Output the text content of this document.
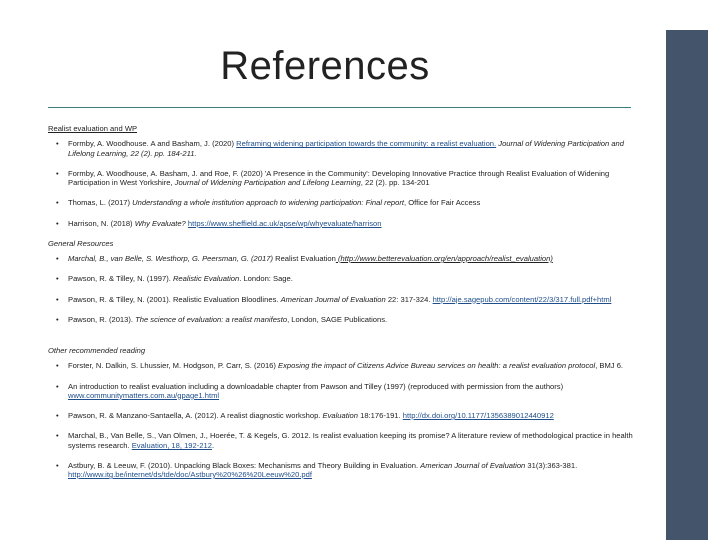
References
Realist evaluation and WP
• Formby, A. Woodhouse. A and Basham, J. (2020) Reframing widening participation towards the community: a realist evaluation. Journal of Widening Participation and Lifelong Learning, 22 (2). pp. 184-211.
• Formby, A. Woodhouse, A. Basham, J. and Roe, F. (2020) 'A Presence in the Community': Developing Innovative Practice through Realist Evaluation of Widening Participation in West Yorkshire, Journal of Widening Participation and Lifelong Learning, 22 (2). pp. 134-201
• Thomas, L. (2017) Understanding a whole institution approach to widening participation: Final report, Office for Fair Access
• Harrison, N. (2018) Why Evaluate? https://www.sheffield.ac.uk/apse/wp/whyevaluate/harrison
General Resources
• Marchal, B., van Belle, S. Westhorp, G. Peersman, G. (2017) Realist Evaluation (http://www.betterevaluation.org/en/approach/realist_evaluation)
• Pawson, R. & Tilley, N. (1997). Realistic Evaluation. London: Sage.
• Pawson, R. & Tilley, N. (2001). Realistic Evaluation Bloodlines. American Journal of Evaluation 22: 317-324. http://aje.sagepub.com/content/22/3/317.full.pdf+html
• Pawson, R. (2013). The science of evaluation: a realist manifesto, London, SAGE Publications.
Other recommended reading
• Forster, N. Dalkin, S. Lhussier, M. Hodgson, P. Carr, S. (2016) Exposing the impact of Citizens Advice Bureau services on health: a realist evaluation protocol, BMJ 6.
• An introduction to realist evaluation including a downloadable chapter from Pawson and Tilley (1997) (reproduced with permission from the authors) www.communitymatters.com.au/gpage1.html
• Pawson, R. & Manzano-Santaella, A. (2012). A realist diagnostic workshop. Evaluation 18:176-191. http://dx.doi.org/10.1177/1356389012440912
• Marchal, B., Van Belle, S., Van Olmen, J., Hoerée, T. & Kegels, G. 2012. Is realist evaluation keeping its promise? A literature review of methodological practice in health systems research. Evaluation, 18, 192-212.
• Astbury, B. & Leeuw, F. (2010). Unpacking Black Boxes: Mechanisms and Theory Building in Evaluation. American Journal of Evaluation 31(3):363-381. http://www.itg.be/internet/ds/tde/doc/Astbury%20%26%20Leeuw%20.pdf
